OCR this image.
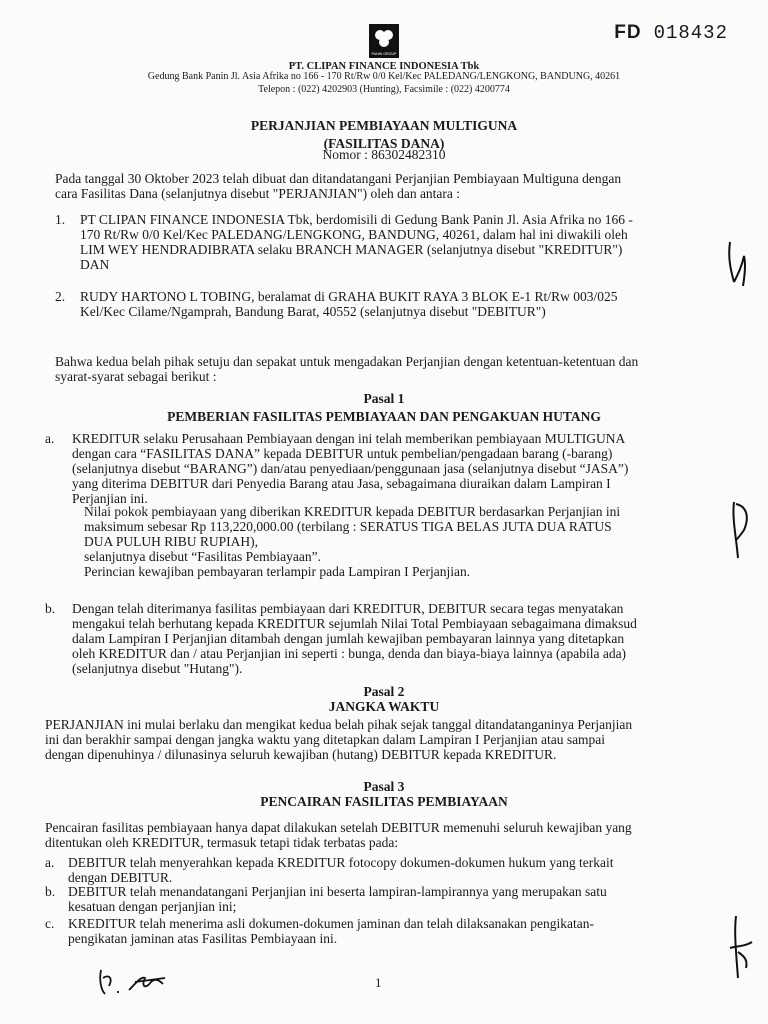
PANIN GROUP
FD 018432
PT. CLIPAN FINANCE INDONESIA Tbk
Gedung Bank Panin Jl. Asia Afrika no 166 - 170 Rt/Rw 0/0 Kel/Kec PALEDANG/LENGKONG, BANDUNG, 40261
Telepon : (022) 4202903 (Hunting), Facsimile : (022) 4200774
PERJANJIAN PEMBIAYAAN MULTIGUNA
(FASILITAS DANA)
Nomor : 86302482310
Pada tanggal 30 Oktober 2023 telah dibuat dan ditandatangani Perjanjian Pembiayaan Multiguna dengan
cara Fasilitas Dana (selanjutnya disebut "PERJANJIAN") oleh dan antara :
1. PT CLIPAN FINANCE INDONESIA Tbk, berdomisili di Gedung Bank Panin Jl. Asia Afrika no 166 -
170 Rt/Rw 0/0 Kel/Kec PALEDANG/LENGKONG, BANDUNG, 40261, dalam hal ini diwakili oleh
LIM WEY HENDRADIBRATA selaku BRANCH MANAGER (selanjutnya disebut "KREDITUR")
DAN
2. RUDY HARTONO L TOBING, beralamat di GRAHA BUKIT RAYA 3 BLOK E-1 Rt/Rw 003/025
Kel/Kec Cilame/Ngamprah, Bandung Barat, 40552 (selanjutnya disebut "DEBITUR")
Bahwa kedua belah pihak setuju dan sepakat untuk mengadakan Perjanjian dengan ketentuan-ketentuan dan
syarat-syarat sebagai berikut :
Pasal 1
PEMBERIAN FASILITAS PEMBIAYAAN DAN PENGAKUAN HUTANG
a. KREDITUR selaku Perusahaan Pembiayaan dengan ini telah memberikan pembiayaan MULTIGUNA
dengan cara “FASILITAS DANA” kepada DEBITUR untuk pembelian/pengadaan barang (-barang)
(selanjutnya disebut “BARANG”) dan/atau penyediaan/penggunaan jasa (selanjutnya disebut “JASA”)
yang diterima DEBITUR dari Penyedia Barang atau Jasa, sebagaimana diuraikan dalam Lampiran I
Perjanjian ini.
Nilai pokok pembiayaan yang diberikan KREDITUR kepada DEBITUR berdasarkan Perjanjian ini
maksimum sebesar Rp 113,220,000.00 (terbilang : SERATUS TIGA BELAS JUTA DUA RATUS
DUA PULUH RIBU RUPIAH),
selanjutnya disebut “Fasilitas Pembiayaan”.
Perincian kewajiban pembayaran terlampir pada Lampiran I Perjanjian.
b. Dengan telah diterimanya fasilitas pembiayaan dari KREDITUR, DEBITUR secara tegas menyatakan
mengakui telah berhutang kepada KREDITUR sejumlah Nilai Total Pembiayaan sebagaimana dimaksud
dalam Lampiran I Perjanjian ditambah dengan jumlah kewajiban pembayaran lainnya yang ditetapkan
oleh KREDITUR dan / atau Perjanjian ini seperti : bunga, denda dan biaya-biaya lainnya (apabila ada)
(selanjutnya disebut "Hutang").
Pasal 2
JANGKA WAKTU
PERJANJIAN ini mulai berlaku dan mengikat kedua belah pihak sejak tanggal ditandatanganinya Perjanjian
ini dan berakhir sampai dengan jangka waktu yang ditetapkan dalam Lampiran I Perjanjian atau sampai
dengan dipenuhinya / dilunasinya seluruh kewajiban (hutang) DEBITUR kepada KREDITUR.
Pasal 3
PENCAIRAN FASILITAS PEMBIAYAAN
Pencairan fasilitas pembiayaan hanya dapat dilakukan setelah DEBITUR memenuhi seluruh kewajiban yang
ditentukan oleh KREDITUR, termasuk tetapi tidak terbatas pada:
a. DEBITUR telah menyerahkan kepada KREDITUR fotocopy dokumen-dokumen hukum yang terkait
dengan DEBITUR.
b. DEBITUR telah menandatangani Perjanjian ini beserta lampiran-lampirannya yang merupakan satu
kesatuan dengan perjanjian ini;
c. KREDITUR telah menerima asli dokumen-dokumen jaminan dan telah dilaksanakan pengikatan-
pengikatan jaminan atas Fasilitas Pembiayaan ini.
1
